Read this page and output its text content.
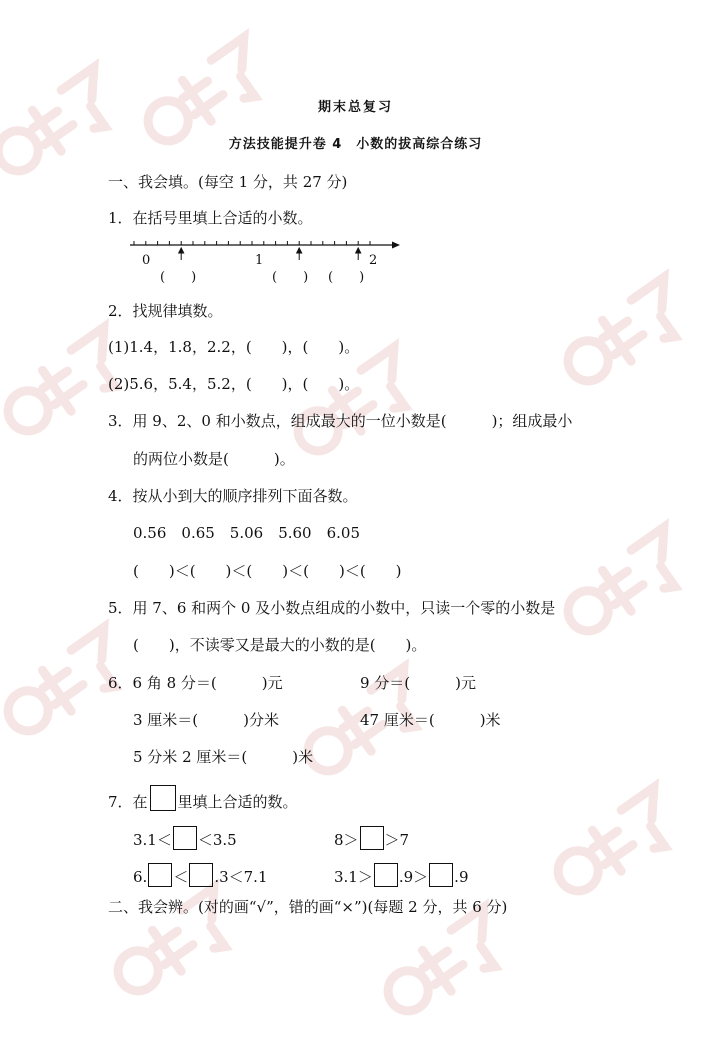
期末总复习
方法技能提升卷 4　小数的拔高综合练习
一、我会填。(每空 1 分，共 27 分)
1．在括号里填上合适的小数。
0	1	2
(　　)	(　　) (　　)
2．找规律填数。
(1)1.4，1.8，2.2，(　　)，(　　)。
(2)5.6，5.4，5.2，(　　)，(　　)。
3．用 9、2、0 和小数点，组成最大的一位小数是(　　　)；组成最小
的两位小数是(　　　)。
4．按从小到大的顺序排列下面各数。
0.56　0.65　5.06　5.60　6.05
(　　)＜(　　)＜(　　)＜(　　)＜(　　)
5．用 7、6 和两个 0 及小数点组成的小数中，只读一个零的小数是
(　　)，不读零又是最大的小数的是(　　)。
6．6 角 8 分＝(　　　)元	9 分＝(　　　)元
3 厘米＝(　　　)分米	47 厘米＝(　　　)米
5 分米 2 厘米＝(　　　)米
7．在 里填上合适的数。
3.1＜ ＜3.5	8＞ ＞7
6. ＜ .3＜7.1	3.1＞ .9＞ .9
二、我会辨。(对的画“√”，错的画“×”)(每题 2 分，共 6 分)
